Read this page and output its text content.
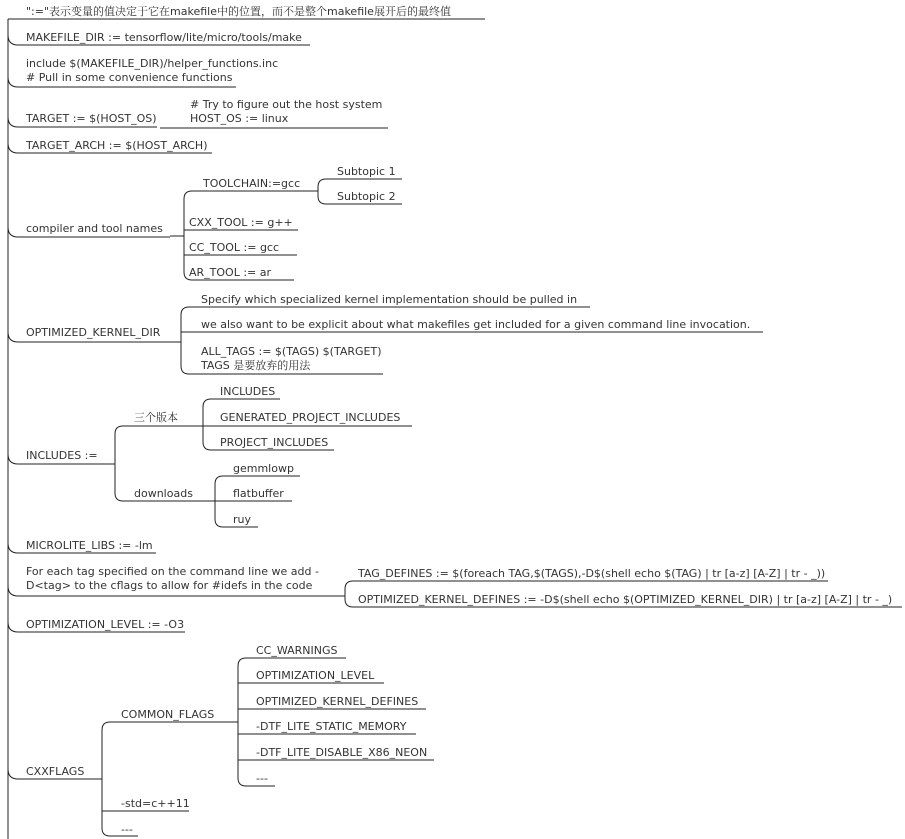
":="表示变量的值决定于它在makefile中的位置，而不是整个makefile展开后的最终值
MAKEFILE_DIR := tensorflow/lite/micro/tools/make
include $(MAKEFILE_DIR)/helper_functions.inc
# Pull in some convenience functions
TARGET := $(HOST_OS)
# Try to figure out the host system
HOST_OS := linux
TARGET_ARCH := $(HOST_ARCH)
compiler and tool names
TOOLCHAIN:=gcc
Subtopic 1
Subtopic 2
CXX_TOOL := g++
CC_TOOL := gcc
AR_TOOL := ar
OPTIMIZED_KERNEL_DIR
Specify which specialized kernel implementation should be pulled in
we also want to be explicit about what makefiles get included for a given command line invocation.
ALL_TAGS := $(TAGS) $(TARGET)
TAGS 是要放弃的用法
INCLUDES :=
三个版本
INCLUDES
GENERATED_PROJECT_INCLUDES
PROJECT_INCLUDES
downloads
gemmlowp
flatbuffer
ruy
MICROLITE_LIBS := -lm
For each tag specified on the command line we add -
D<tag> to the cflags to allow for #idefs in the code
TAG_DEFINES := $(foreach TAG,$(TAGS),-D$(shell echo $(TAG) | tr [a-z] [A-Z] | tr - _))
OPTIMIZED_KERNEL_DEFINES := -D$(shell echo $(OPTIMIZED_KERNEL_DIR) | tr [a-z] [A-Z] | tr - _)
OPTIMIZATION_LEVEL := -O3
CXXFLAGS
COMMON_FLAGS
CC_WARNINGS
OPTIMIZATION_LEVEL
OPTIMIZED_KERNEL_DEFINES
-DTF_LITE_STATIC_MEMORY
-DTF_LITE_DISABLE_X86_NEON
---
-std=c++11
---
